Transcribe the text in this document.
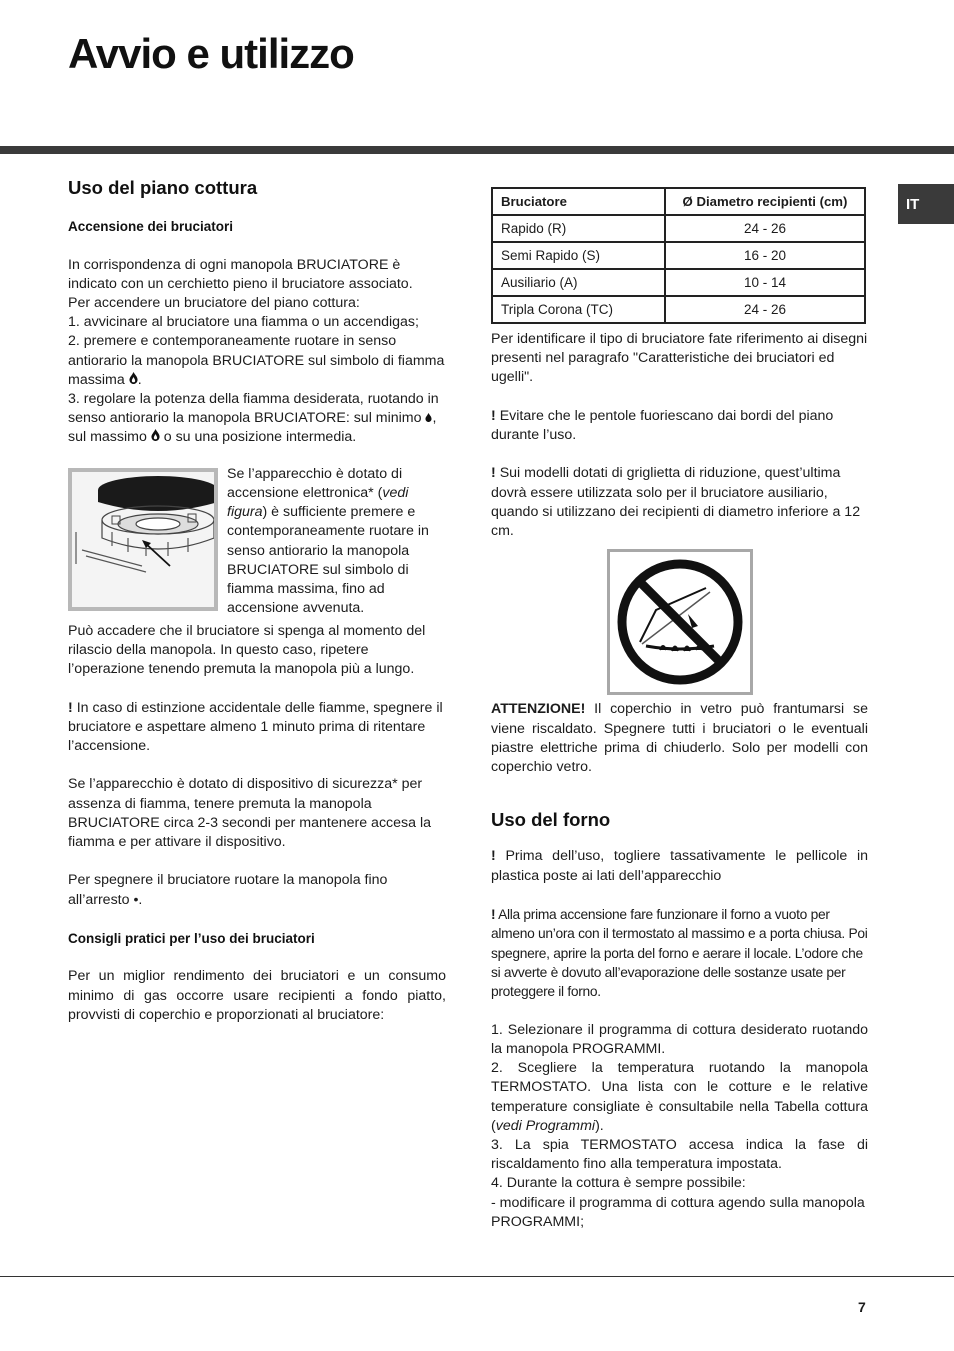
Avvio e utilizzo
IT
Uso del piano cottura
Accensione dei bruciatori

In corrispondenza di ogni manopola BRUCIATORE è indicato con un cerchietto pieno il bruciatore associato.

Per accendere un bruciatore del piano cottura:

1. avvicinare al bruciatore una fiamma o un accendigas;

2. premere e contemporaneamente ruotare in senso antiorario la manopola BRUCIATORE sul simbolo di fiamma massima .

3. regolare la potenza della fiamma desiderata, ruotando in senso antiorario la manopola BRUCIATORE: sul minimo , sul massimo o su una posizione intermedia.

Se l’apparecchio è dotato di accensione elettronica* (vedi figura) è sufficiente premere e contemporaneamente ruotare in senso antiorario la manopola BRUCIATORE sul simbolo di fiamma massima, fino ad accensione avvenuta.

Può accadere che il bruciatore si spenga al momento del rilascio della manopola. In questo caso, ripetere l’operazione tenendo premuta la manopola più a lungo.

! In caso di estinzione accidentale delle fiamme, spegnere il bruciatore e aspettare almeno 1 minuto prima di ritentare l’accensione.

Se l’apparecchio è dotato di dispositivo di sicurezza* per assenza di fiamma, tenere premuta la manopola BRUCIATORE circa 2-3 secondi per mantenere accesa la fiamma e per attivare il dispositivo.

Per spegnere il bruciatore ruotare la manopola fino all’arresto •.

Consigli pratici per l’uso dei bruciatori

Per un miglior rendimento dei bruciatori e un consumo minimo di gas occorre usare recipienti a fondo piatto, provvisti di coperchio e proporzionati al bruciatore:

Bruciatore	Ø Diametro recipienti (cm)
Rapido (R)	24 - 26
Semi Rapido (S)	16 - 20
Ausiliario (A)	10 - 14
Tripla Corona (TC)	24 - 26

Per identificare il tipo di bruciatore fate riferimento ai disegni presenti nel paragrafo "Caratteristiche dei bruciatori ed ugelli".

! Evitare che le pentole fuoriescano dai bordi del piano durante l’uso.

! Sui modelli dotati di griglietta di riduzione, quest’ultima dovrà essere utilizzata solo per il bruciatore ausiliario, quando si utilizzano dei recipienti di diametro inferiore a 12 cm.

ATTENZIONE! Il coperchio in vetro può frantumarsi se viene riscaldato. Spegnere tutti i bruciatori o le eventuali piastre elettriche prima di chiuderlo. Solo per modelli con coperchio vetro.

Uso del forno

! Prima dell’uso, togliere tassativamente le pellicole in plastica poste ai lati dell’apparecchio

! Alla prima accensione fare funzionare il forno a vuoto per almeno un’ora con il termostato al massimo e a porta chiusa. Poi spegnere, aprire la porta del forno e aerare il locale. L’odore che si avverte è dovuto all’evaporazione delle sostanze usate per proteggere il forno.

1. Selezionare il programma di cottura desiderato ruotando la manopola PROGRAMMI.

2. Scegliere la temperatura ruotando la manopola TERMOSTATO. Una lista con le cotture e le relative temperature consigliate è consultabile nella Tabella cottura (vedi Programmi).

3. La spia TERMOSTATO accesa indica la fase di riscaldamento fino alla temperatura impostata.

4. Durante la cottura è sempre possibile:

- modificare il programma di cottura agendo sulla manopola PROGRAMMI;

7
